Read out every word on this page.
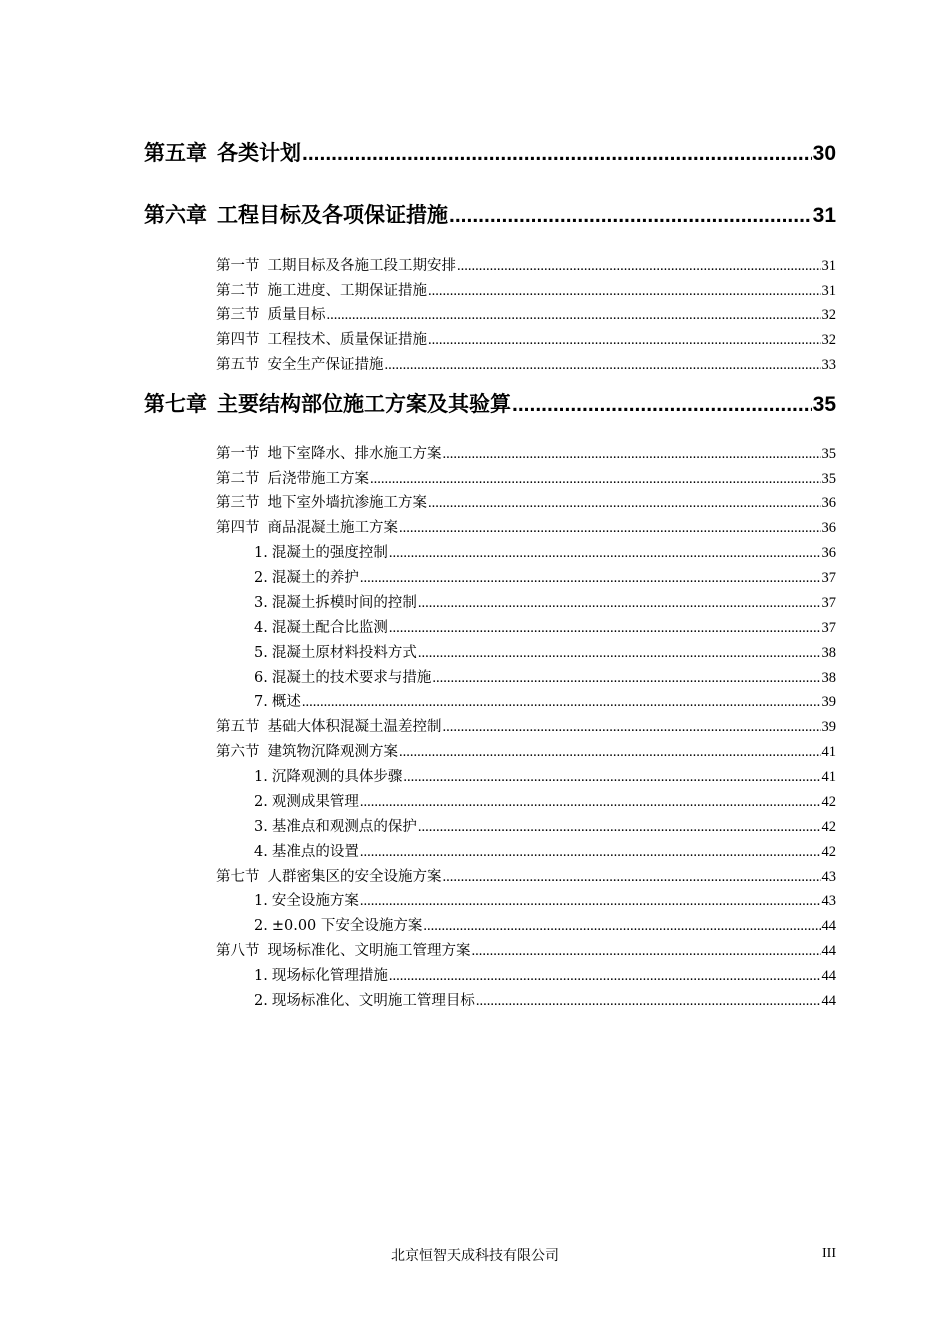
第五章 各类计划 .....	30
第六章 工程目标及各项保证措施 .....	31
第一节 工期目标及各施工段工期安排 .....	31
第二节 施工进度、工期保证措施 .....	31
第三节 质量目标 .....	32
第四节 工程技术、质量保证措施 .....	32
第五节 安全生产保证措施 .....	33
第七章 主要结构部位施工方案及其验算 .....	35
第一节 地下室降水、排水施工方案 .....	35
第二节 后浇带施工方案 .....	35
第三节 地下室外墙抗渗施工方案 .....	36
第四节 商品混凝土施工方案 .....	36
1. 混凝土的强度控制 .....	36
2. 混凝土的养护 .....	37
3. 混凝土拆模时间的控制 .....	37
4. 混凝土配合比监测 .....	37
5. 混凝土原材料投料方式 .....	38
6. 混凝土的技术要求与措施 .....	38
7. 概述 .....	39
第五节 基础大体积混凝土温差控制 .....	39
第六节 建筑物沉降观测方案 .....	41
1. 沉降观测的具体步骤 .....	41
2. 观测成果管理 .....	42
3. 基准点和观测点的保护 .....	42
4. 基准点的设置 .....	42
第七节 人群密集区的安全设施方案 .....	43
1. 安全设施方案 .....	43
2. ±0.00 下安全设施方案 .....	44
第八节 现场标准化、文明施工管理方案 .....	44
1. 现场标化管理措施 .....	44
2. 现场标准化、文明施工管理目标 .....	44
北京恒智天成科技有限公司	III
